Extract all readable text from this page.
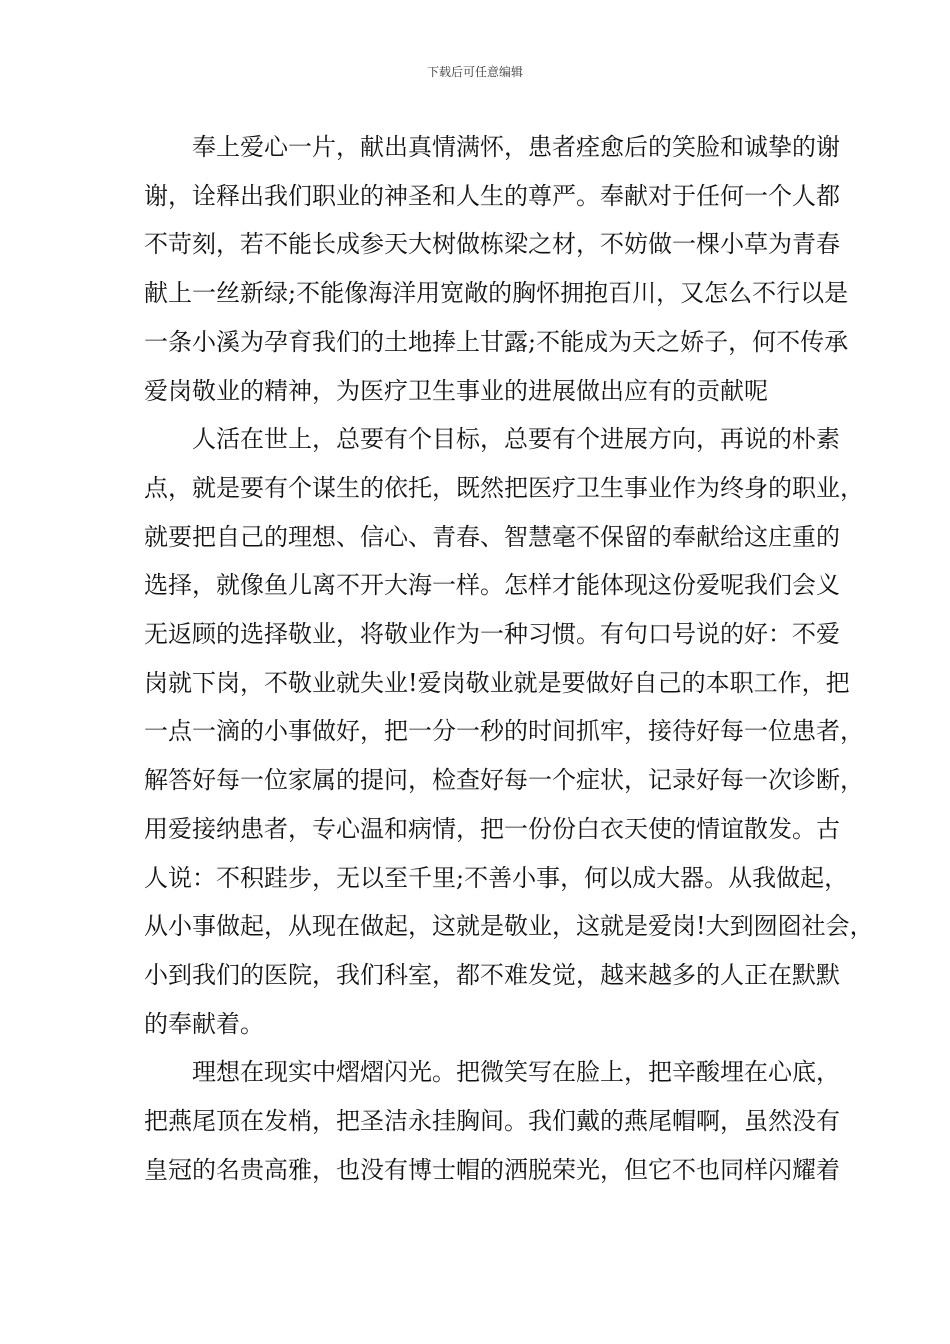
下载后可任意编辑

奉上爱心一片，献出真情满怀，患者痊愈后的笑脸和诚挚的谢
谢，诠释出我们职业的神圣和人生的尊严。奉献对于任何一个人都
不苛刻，若不能长成参天大树做栋梁之材，不妨做一棵小草为青春
献上一丝新绿;不能像海洋用宽敞的胸怀拥抱百川，又怎么不行以是
一条小溪为孕育我们的土地捧上甘露;不能成为天之娇子，何不传承
爱岗敬业的精神，为医疗卫生事业的进展做出应有的贡献呢

人活在世上，总要有个目标，总要有个进展方向，再说的朴素
点，就是要有个谋生的依托，既然把医疗卫生事业作为终身的职业，
就要把自己的理想、信心、青春、智慧毫不保留的奉献给这庄重的
选择，就像鱼儿离不开大海一样。怎样才能体现这份爱呢我们会义
无返顾的选择敬业，将敬业作为一种习惯。有句口号说的好：不爱
岗就下岗，不敬业就失业!爱岗敬业就是要做好自己的本职工作，把
一点一滴的小事做好，把一分一秒的时间抓牢，接待好每一位患者，
解答好每一位家属的提问，检查好每一个症状，记录好每一次诊断，
用爱接纳患者，专心温和病情，把一份份白衣天使的情谊散发。古
人说：不积跬步，无以至千里;不善小事，何以成大器。从我做起，
从小事做起，从现在做起，这就是敬业，这就是爱岗!大到囫囵社会，
小到我们的医院，我们科室，都不难发觉，越来越多的人正在默默
的奉献着。

理想在现实中熠熠闪光。把微笑写在脸上，把辛酸埋在心底，
把燕尾顶在发梢，把圣洁永挂胸间。我们戴的燕尾帽啊，虽然没有
皇冠的名贵高雅，也没有博士帽的洒脱荣光，但它不也同样闪耀着
